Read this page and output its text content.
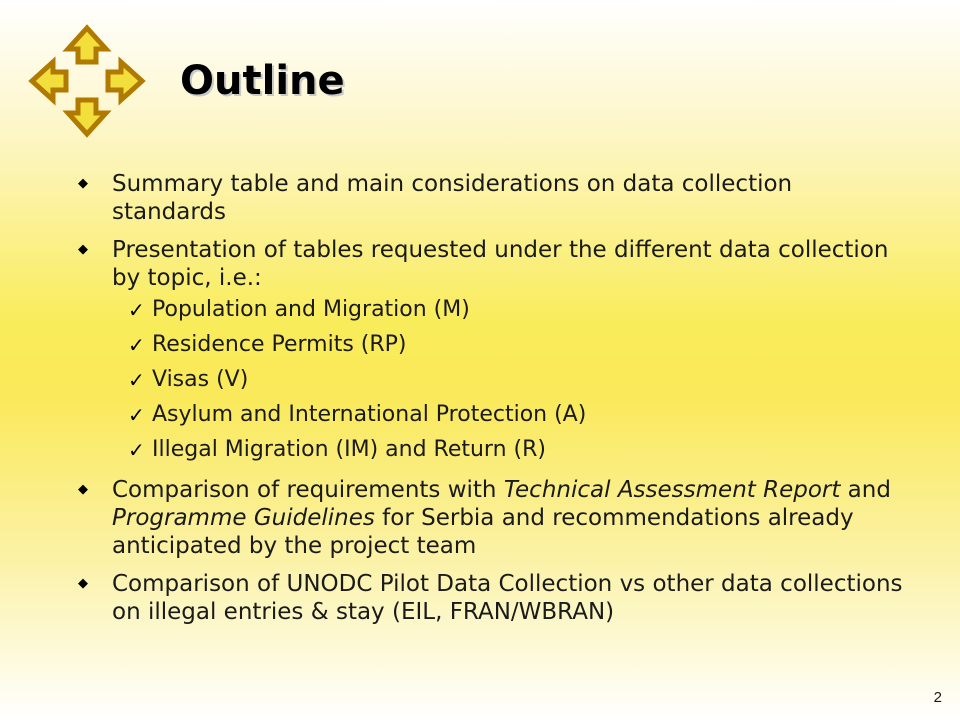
Outline
◆	Summary table and main considerations on data collection standards
◆	Presentation of tables requested under the different data collection by topic, i.e.:
✓ Population and Migration (M)
✓ Residence Permits (RP)
✓ Visas (V)
✓ Asylum and International Protection (A)
✓ Illegal Migration (IM) and Return (R)
◆	Comparison of requirements with Technical Assessment Report and Programme Guidelines for Serbia and recommendations already anticipated by the project team
◆	Comparison of UNODC Pilot Data Collection vs other data collections on illegal entries & stay (EIL, FRAN/WBRAN)
2
